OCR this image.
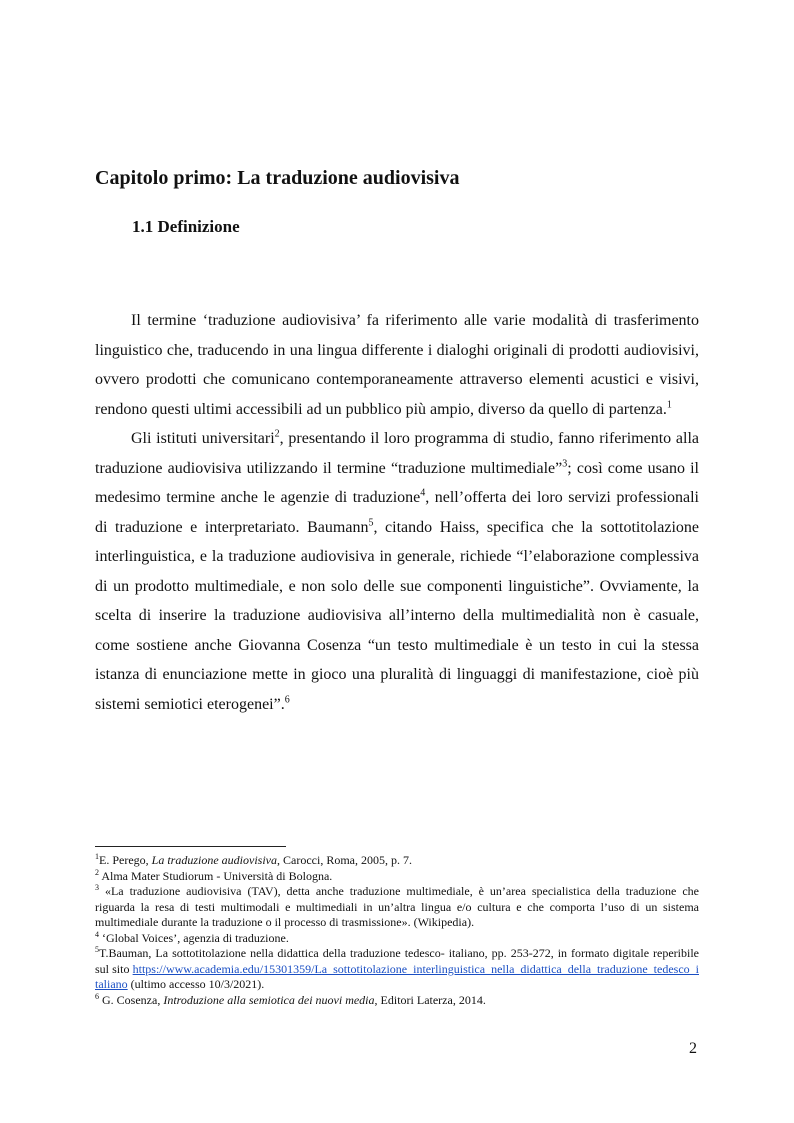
Capitolo primo: La traduzione audiovisiva
1.1 Definizione

Il termine ‘traduzione audiovisiva’ fa riferimento alle varie modalità di trasferimento linguistico che, traducendo in una lingua differente i dialoghi originali di prodotti audiovisivi, ovvero prodotti che comunicano contemporaneamente attraverso elementi acustici e visivi, rendono questi ultimi accessibili ad un pubblico più ampio, diverso da quello di partenza.$^1$

Gli istituti universitari$^2$, presentando il loro programma di studio, fanno riferimento alla traduzione audiovisiva utilizzando il termine “traduzione multimediale”$^3$; così come usano il medesimo termine anche le agenzie di traduzione$^4$, nell’offerta dei loro servizi professionali di traduzione e interpretariato. Baumann$^5$, citando Haiss, specifica che la sottotitolazione interlinguistica, e la traduzione audiovisiva in generale, richiede “l’elaborazione complessiva di un prodotto multimediale, e non solo delle sue componenti linguistiche”. Ovviamente, la scelta di inserire la traduzione audiovisiva all’interno della multimedialità non è casuale, come sostiene anche Giovanna Cosenza “un testo multimediale è un testo in cui la stessa istanza di enunciazione mette in gioco una pluralità di linguaggi di manifestazione, cioè più sistemi semiotici eterogenei”.$^6$

$^1$E. Perego, La traduzione audiovisiva, Carocci, Roma, 2005, p. 7.

$^2$ Alma Mater Studiorum - Università di Bologna.

$^3$ «La traduzione audiovisiva (TAV), detta anche traduzione multimediale, è un’area specialistica della traduzione che riguarda la resa di testi multimodali e multimediali in un’altra lingua e/o cultura e che comporta l’uso di un sistema multimediale durante la traduzione o il processo di trasmissione». (Wikipedia).

$^4$ ‘Global Voices’, agenzia di traduzione.

$^5$T.Bauman, La sottotitolazione nella didattica della traduzione tedesco- italiano, pp. 253-272, in formato digitale reperibile sul sito https://www.academia.edu/15301359/La_sottotitolazione_interlinguistica_nella_didattica_della_traduzione_tedesco_italiano (ultimo accesso 10/3/2021).

$^6$ G. Cosenza, Introduzione alla semiotica dei nuovi media, Editori Laterza, 2014.

2
